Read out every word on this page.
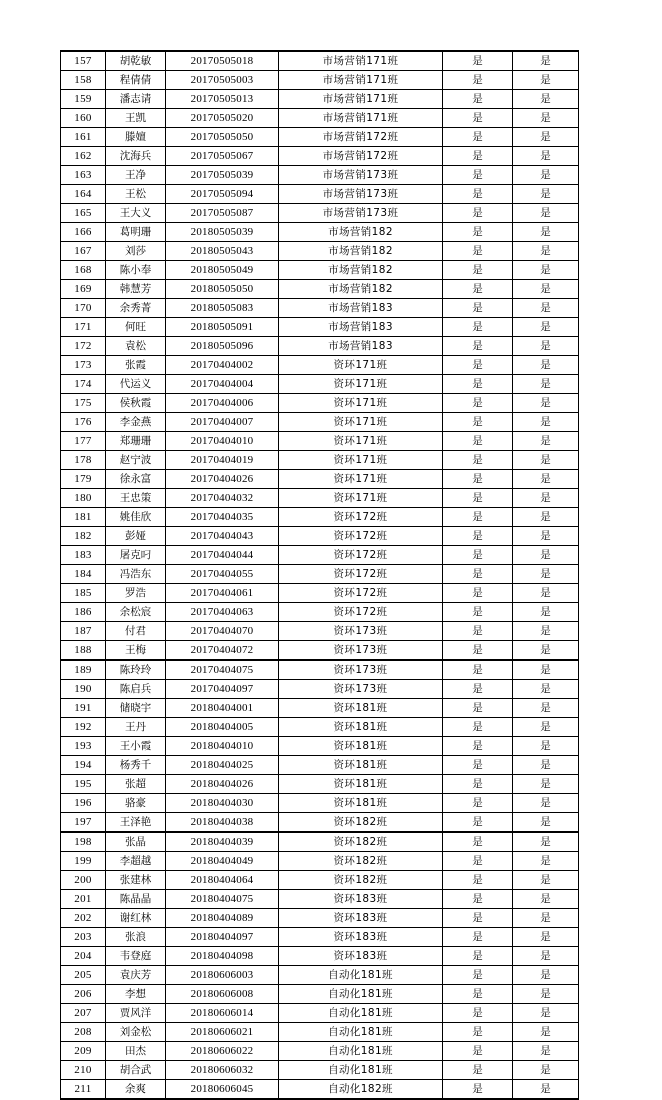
157	胡乾敏	20170505018	市场营销171班	是	是
158	程倩倩	20170505003	市场营销171班	是	是
159	潘志请	20170505013	市场营销171班	是	是
160	王凯	20170505020	市场营销171班	是	是
161	滕嬗	20170505050	市场营销172班	是	是
162	沈海兵	20170505067	市场营销172班	是	是
163	王净	20170505039	市场营销173班	是	是
164	王松	20170505094	市场营销173班	是	是
165	王大义	20170505087	市场营销173班	是	是
166	葛明珊	20180505039	市场营销182	是	是
167	刘莎	20180505043	市场营销182	是	是
168	陈小奉	20180505049	市场营销182	是	是
169	韩慧芳	20180505050	市场营销182	是	是
170	余秀菁	20180505083	市场营销183	是	是
171	何旺	20180505091	市场营销183	是	是
172	袁松	20180505096	市场营销183	是	是
173	张霞	20170404002	资环171班	是	是
174	代运义	20170404004	资环171班	是	是
175	侯秋霞	20170404006	资环171班	是	是
176	李金燕	20170404007	资环171班	是	是
177	郑珊珊	20170404010	资环171班	是	是
178	赵宁波	20170404019	资环171班	是	是
179	徐永富	20170404026	资环171班	是	是
180	王忠策	20170404032	资环171班	是	是
181	姚佳欣	20170404035	资环172班	是	是
182	彭娅	20170404043	资环172班	是	是
183	屠克叼	20170404044	资环172班	是	是
184	冯浩东	20170404055	资环172班	是	是
185	罗浩	20170404061	资环172班	是	是
186	余松宸	20170404063	资环172班	是	是
187	付君	20170404070	资环173班	是	是
188	王梅	20170404072	资环173班	是	是
189	陈玲玲	20170404075	资环173班	是	是
190	陈启兵	20170404097	资环173班	是	是
191	储晓宇	20180404001	资环181班	是	是
192	王丹	20180404005	资环181班	是	是
193	王小霞	20180404010	资环181班	是	是
194	杨秀千	20180404025	资环181班	是	是
195	张超	20180404026	资环181班	是	是
196	骆豪	20180404030	资环181班	是	是
197	王泽艳	20180404038	资环182班	是	是
198	张晶	20180404039	资环182班	是	是
199	李超越	20180404049	资环182班	是	是
200	张建林	20180404064	资环182班	是	是
201	陈晶晶	20180404075	资环183班	是	是
202	谢红林	20180404089	资环183班	是	是
203	张浪	20180404097	资环183班	是	是
204	韦登庭	20180404098	资环183班	是	是
205	袁庆芳	20180606003	自动化181班	是	是
206	李想	20180606008	自动化181班	是	是
207	贾风洋	20180606014	自动化181班	是	是
208	刘金松	20180606021	自动化181班	是	是
209	田杰	20180606022	自动化181班	是	是
210	胡合武	20180606032	自动化181班	是	是
211	余爽	20180606045	自动化182班	是	是
